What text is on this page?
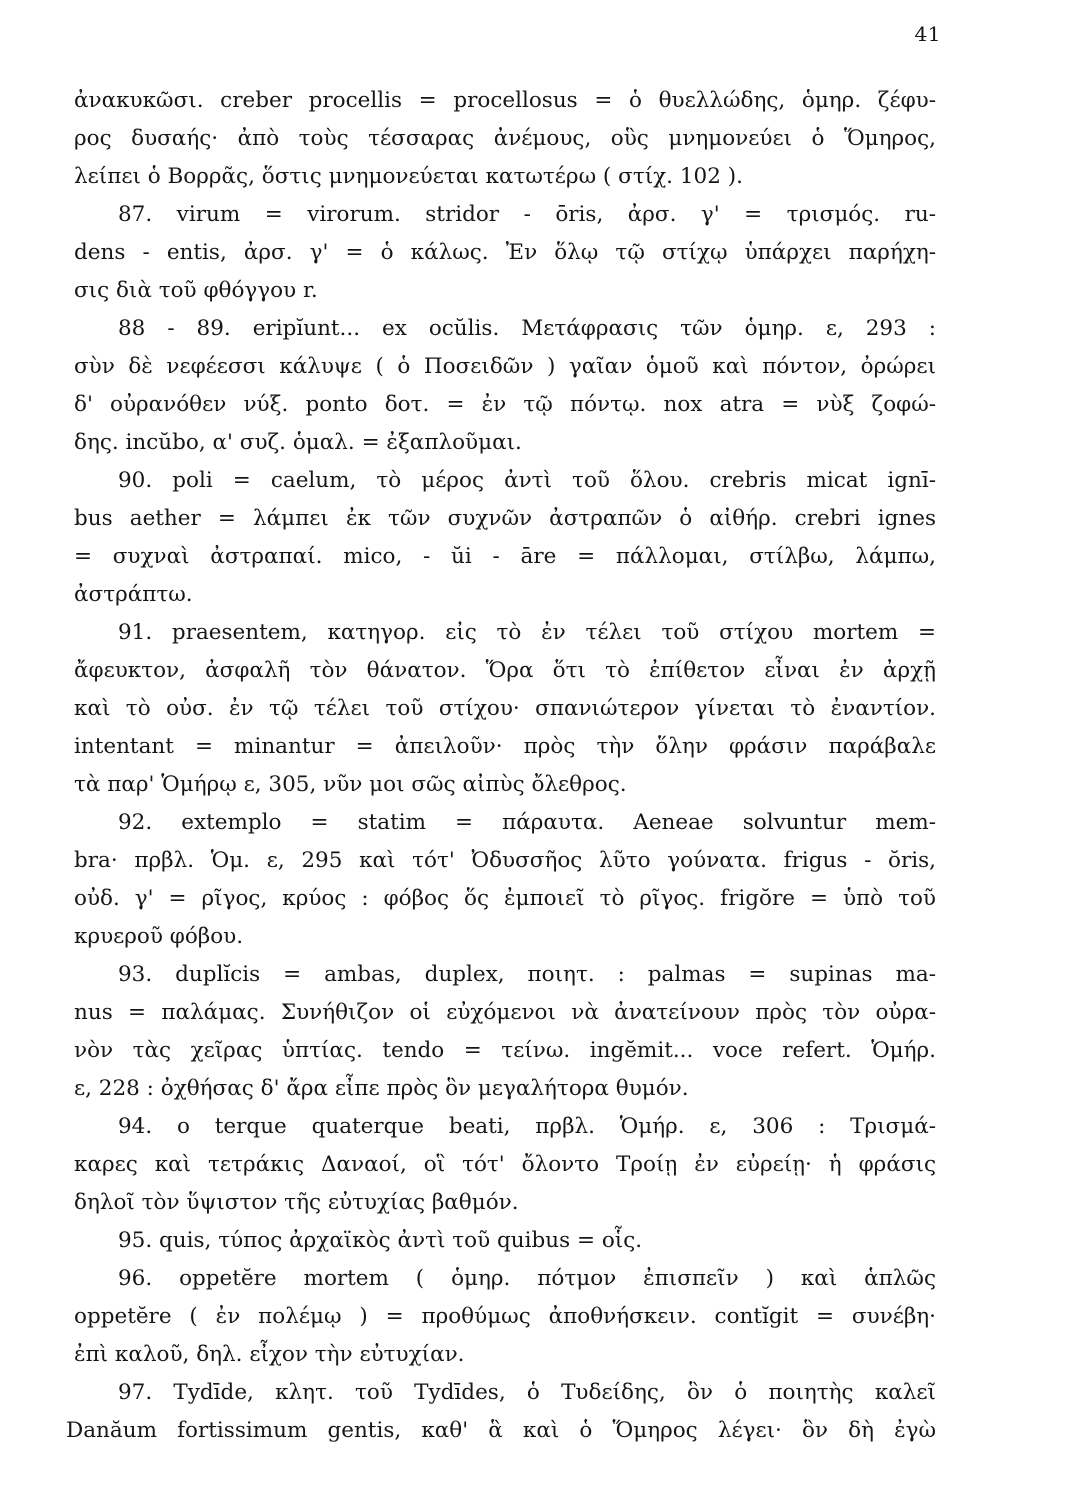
41
ἀνακυκῶσι. creber procellis = procellosus = ὁ θυελλώδης, ὁμηρ. ζέφυ-
ρος δυσαής· ἀπὸ τοὺς τέσσαρας ἀνέμους, οὓς μνημονεύει ὁ Ὅμηρος,
λείπει ὁ Βορρᾶς, ὅστις μνημονεύεται κατωτέρω ( στίχ. 102 ).
87. virum = virorum. stridor - ōris, ἀρσ. γ' = τρισμός. ru-
dens - entis, ἀρσ. γ' = ὁ κάλως. Ἐν ὅλῳ τῷ στίχῳ ὑπάρχει παρήχη-
σις διὰ τοῦ φθόγγου r.
88 - 89. eripĭunt... ex ocŭlis. Μετάφρασις τῶν ὁμηρ. ε, 293 :
σὺν δὲ νεφέεσσι κάλυψε ( ὁ Ποσειδῶν ) γαῖαν ὁμοῦ καὶ πόντον, ὀρώρει
δ' οὐρανόθεν νύξ. ponto δοτ. = ἐν τῷ πόντῳ. nox atra = νὺξ ζοφώ-
δης. incŭbo, α' συζ. ὁμαλ. = ἐξαπλοῦμαι.
90. poli = caelum, τὸ μέρος ἀντὶ τοῦ ὅλου. crebris micat ignī-
bus aether = λάμπει ἐκ τῶν συχνῶν ἀστραπῶν ὁ αἰθήρ. crebri ignes
= συχναὶ ἀστραπαί. mico, - ŭi - āre = πάλλομαι, στίλβω, λάμπω,
ἀστράπτω.
91. praesentem, κατηγορ. εἰς τὸ ἐν τέλει τοῦ στίχου mortem =
ἄφευκτον, ἀσφαλῆ τὸν θάνατον. Ὅρα ὅτι τὸ ἐπίθετον εἶναι ἐν ἀρχῇ
καὶ τὸ οὐσ. ἐν τῷ τέλει τοῦ στίχου· σπανιώτερον γίνεται τὸ ἐναντίον.
intentant = minantur = ἀπειλοῦν· πρὸς τὴν ὅλην φράσιν παράβαλε
τὰ παρ' Ὁμήρῳ ε, 305, νῦν μοι σῶς αἰπὺς ὄλεθρος.
92. extemplo = statim = πάραυτα. Aeneae solvuntur mem-
bra· πρβλ. Ὁμ. ε, 295 καὶ τότ' Ὀδυσσῆος λῦτο γούνατα. frigus - ŏris,
οὐδ. γ' = ρῖγος, κρύος : φόβος ὅς ἐμποιεῖ τὸ ρῖγος. frigŏre = ὑπὸ τοῦ
κρυεροῦ φόβου.
93. duplĭcis = ambas, duplex, ποιητ. : palmas = supinas ma-
nus = παλάμας. Συνήθιζον οἱ εὐχόμενοι νὰ ἀνατείνουν πρὸς τὸν οὐρα-
νὸν τὰς χεῖρας ὑπτίας. tendo = τείνω. ingĕmit... voce refert. Ὁμήρ.
ε, 228 : ὀχθήσας δ' ἄρα εἶπε πρὸς ὃν μεγαλήτορα θυμόν.
94. o terque quaterque beati, πρβλ. Ὁμήρ. ε, 306 : Τρισμά-
καρες καὶ τετράκις Δαναοί, οἳ τότ' ὄλοντο Τροίῃ ἐν εὐρείῃ· ἡ φράσις
δηλοῖ τὸν ὕψιστον τῆς εὐτυχίας βαθμόν.
95. quis, τύπος ἀρχαϊκὸς ἀντὶ τοῦ quibus = οἷς.
96. oppetĕre mortem ( ὁμηρ. πότμον ἐπισπεῖν ) καὶ ἁπλῶς
oppetĕre ( ἐν πολέμῳ ) = προθύμως ἀποθνήσκειν. contĭgit = συνέβη·
ἐπὶ καλοῦ, δηλ. εἶχον τὴν εὐτυχίαν.
97. Tydīde, κλητ. τοῦ Tydīdes, ὁ Τυδείδης, ὃν ὁ ποιητὴς καλεῖ
Danăum fortissimum gentis, καθ' ἃ καὶ ὁ Ὅμηρος λέγει· ὃν δὴ ἐγὼ
